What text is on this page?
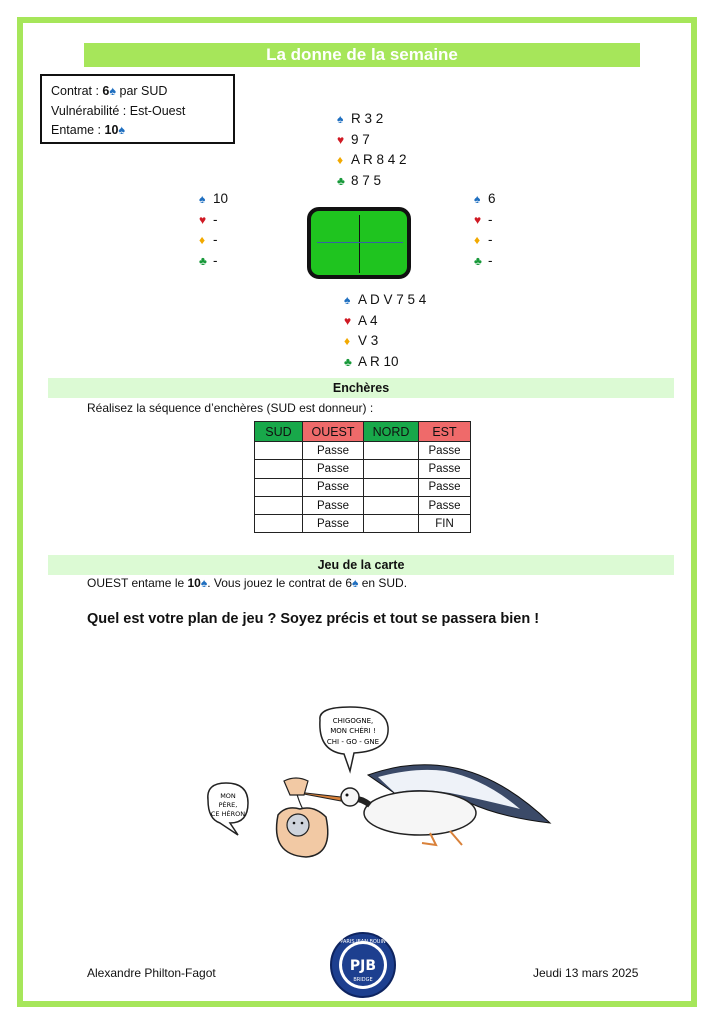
La donne de la semaine
Contrat : 6♠ par SUD
Vulnérabilité : Est-Ouest
Entame : 10♠
♠ R 3 2
♥ 9 7
♦ A R 8 4 2
♣ 8 7 5
♠ 10
♥ -
♦ -
♣ -
♠ 6
♥ -
♦ -
♣ -
♠ A D V 7 5 4
♥ A 4
♦ V 3
♣ A R 10
Enchères
Réalisez la séquence d’enchères (SUD est donneur) :
SUD	OUEST	NORD	EST
	Passe		Passe
	Passe		Passe
	Passe		Passe
	Passe		Passe
	Passe		FIN
Jeu de la carte
OUEST entame le 10♠. Vous jouez le contrat de 6♠ en SUD.
Quel est votre plan de jeu ? Soyez précis et tout se passera bien !
CHIGOGNE,
MON CHÉRI !
CHI - GO - GNE
MON
PÈRE,
CE HÉRON
PARIS JEAN BOUIN
PJB
BRIDGE
Alexandre Philton-Fagot	Jeudi 13 mars 2025
